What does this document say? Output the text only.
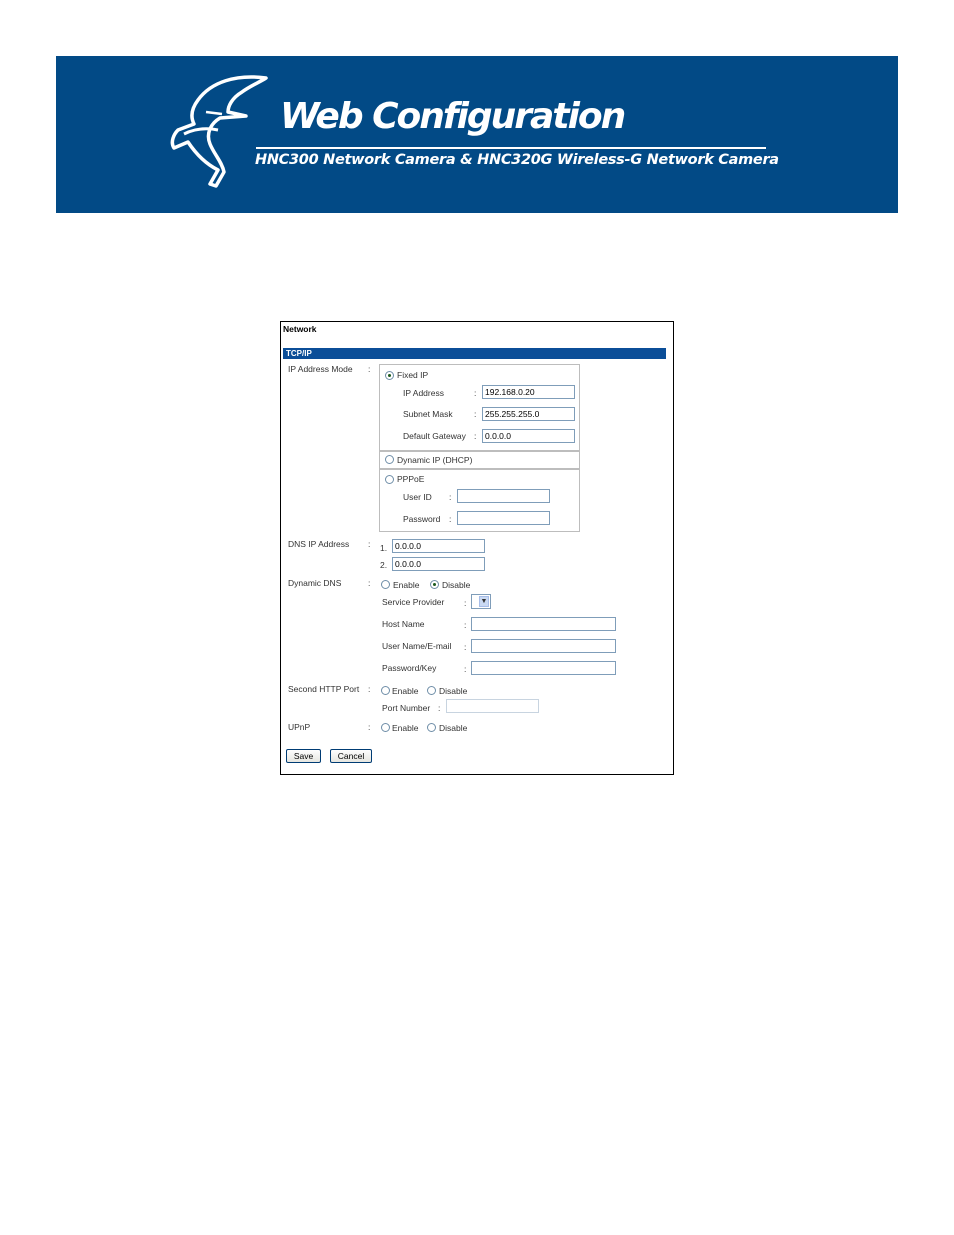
Web Configuration
HNC300 Network Camera & HNC320G Wireless-G Network Camera
Network
TCP/IP
IP Address Mode :
Fixed IP
IP Address	:	192.168.0.20
Subnet Mask	:	255.255.255.0
Default Gateway :	0.0.0.0
Dynamic IP (DHCP)
PPPoE
User ID :
Password :
DNS IP Address : 1. 0.0.0.0
2. 0.0.0.0
Dynamic DNS	:	Enable	Disable
Service Provider : ▼
Host Name	:
User Name/E-mail :
Password/Key	:
Second HTTP Port :	Enable Disable
Port Number :
UPnP	:	Enable Disable
Save	Cancel
